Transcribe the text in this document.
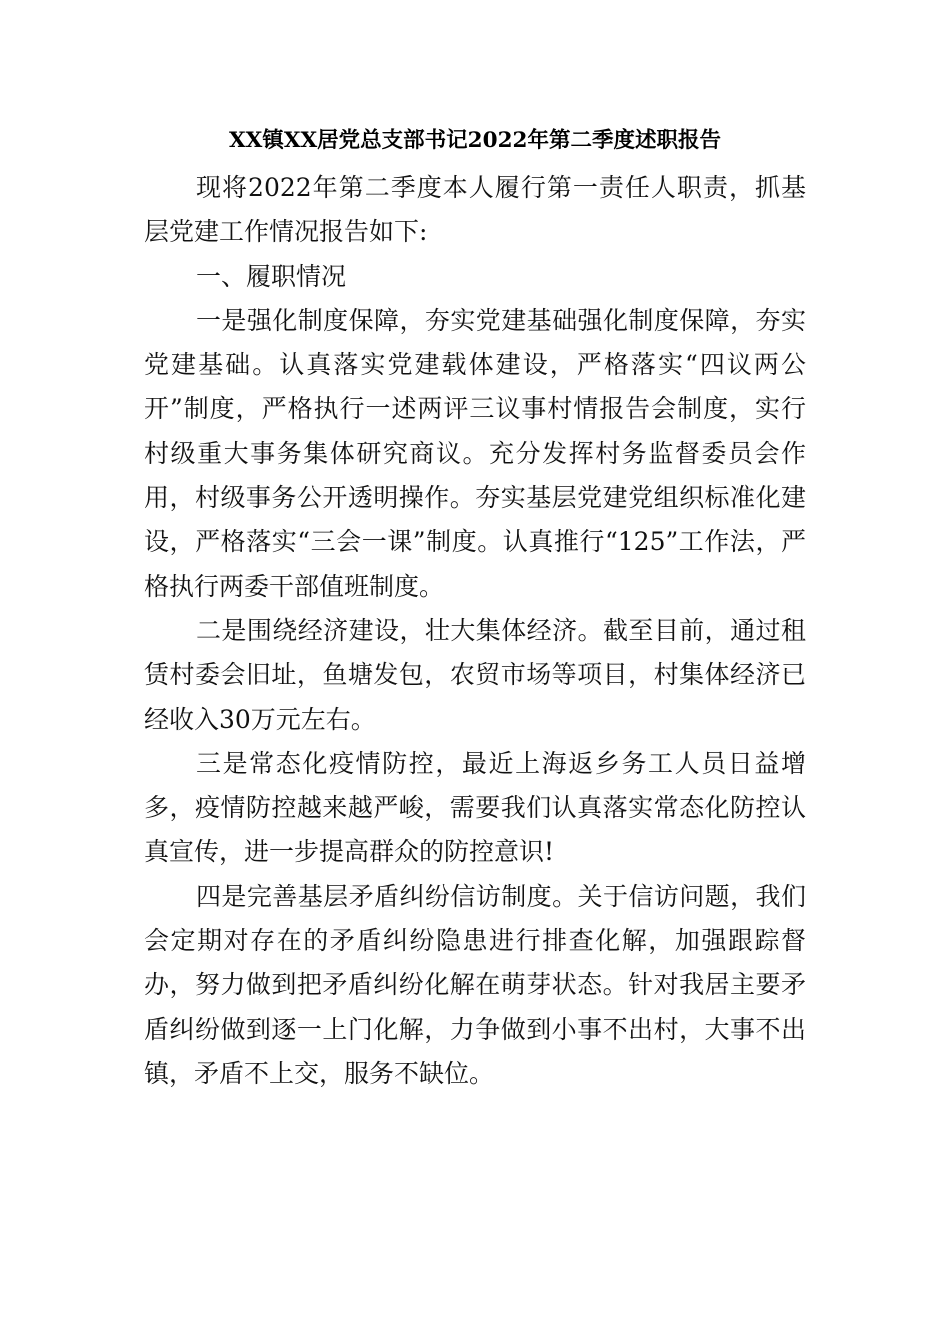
XX镇XX居党总支部书记2022年第二季度述职报告

现将2022年第二季度本人履行第一责任人职责，抓基层党建工作情况报告如下:

一、履职情况

一是强化制度保障，夯实党建基础强化制度保障，夯实党建基础。认真落实党建载体建设，严格落实“四议两公开”制度，严格执行一述两评三议事村情报告会制度，实行村级重大事务集体研究商议。充分发挥村务监督委员会作用，村级事务公开透明操作。夯实基层党建党组织标准化建设，严格落实“三会一课”制度。认真推行“125”工作法，严格执行两委干部值班制度。

二是围绕经济建设，壮大集体经济。截至目前，通过租赁村委会旧址，鱼塘发包，农贸市场等项目，村集体经济已经收入30万元左右。

三是常态化疫情防控，最近上海返乡务工人员日益增多，疫情防控越来越严峻，需要我们认真落实常态化防控认真宣传，进一步提高群众的防控意识!

四是完善基层矛盾纠纷信访制度。关于信访问题，我们会定期对存在的矛盾纠纷隐患进行排查化解，加强跟踪督办，努力做到把矛盾纠纷化解在萌芽状态。针对我居主要矛盾纠纷做到逐一上门化解，力争做到小事不出村，大事不出镇，矛盾不上交，服务不缺位。
